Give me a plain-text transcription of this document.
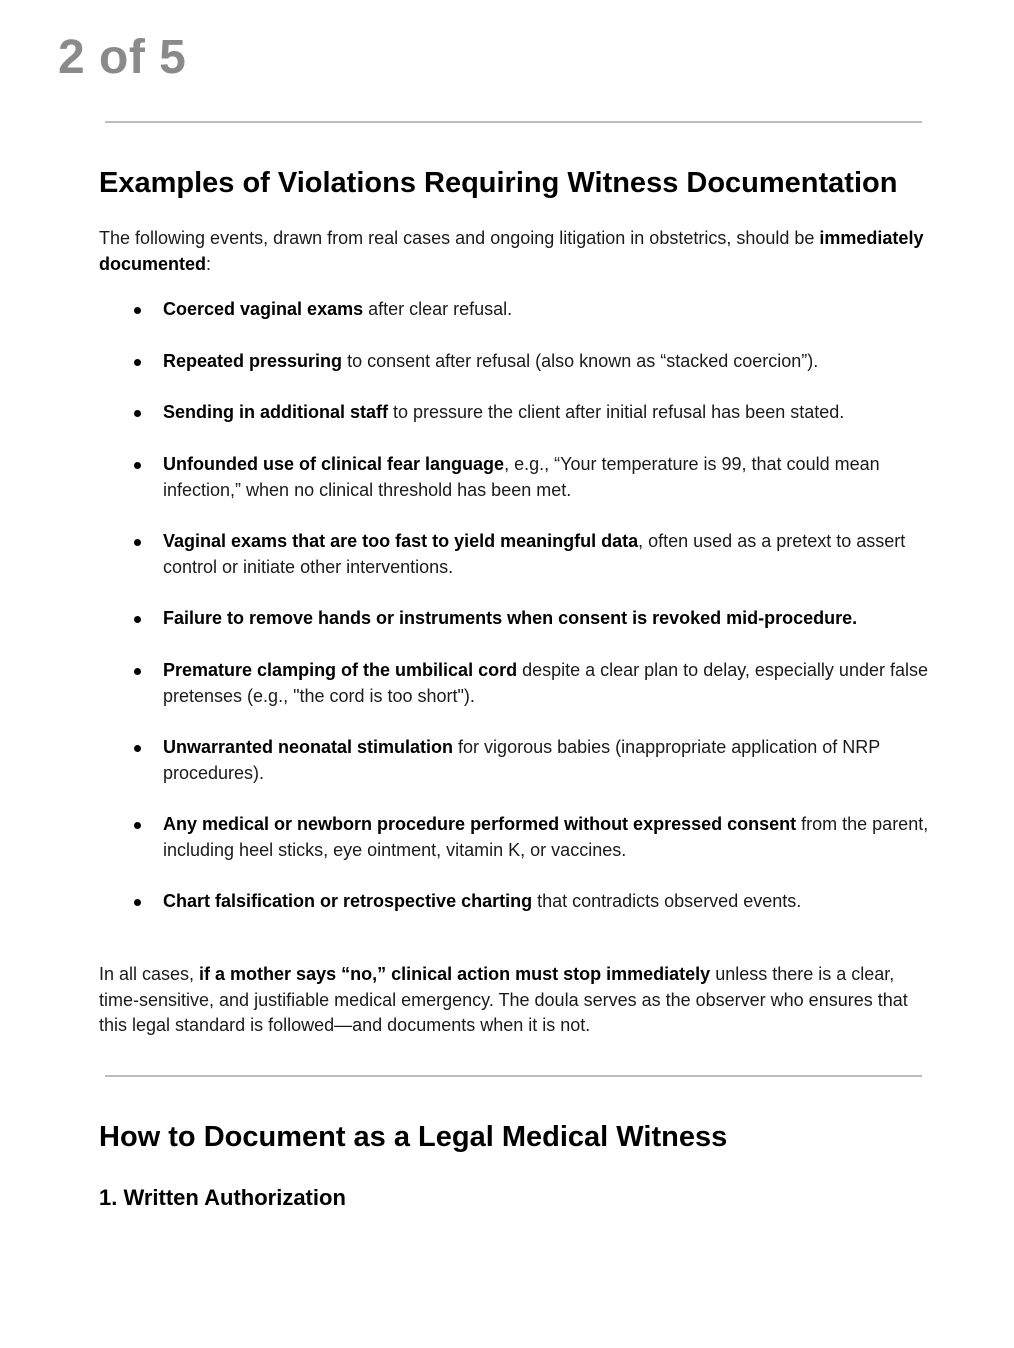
2 of 5
Examples of Violations Requiring Witness Documentation

The following events, drawn from real cases and ongoing litigation in obstetrics, should be immediately documented:

Coerced vaginal exams after clear refusal.
Repeated pressuring to consent after refusal (also known as “stacked coercion”).
Sending in additional staff to pressure the client after initial refusal has been stated.
Unfounded use of clinical fear language, e.g., “Your temperature is 99, that could mean infection,” when no clinical threshold has been met.
Vaginal exams that are too fast to yield meaningful data, often used as a pretext to assert control or initiate other interventions.
Failure to remove hands or instruments when consent is revoked mid-procedure.
Premature clamping of the umbilical cord despite a clear plan to delay, especially under false pretenses (e.g., "the cord is too short").
Unwarranted neonatal stimulation for vigorous babies (inappropriate application of NRP procedures).
Any medical or newborn procedure performed without expressed consent from the parent, including heel sticks, eye ointment, vitamin K, or vaccines.
Chart falsification or retrospective charting that contradicts observed events.

In all cases, if a mother says “no,” clinical action must stop immediately unless there is a clear, time-sensitive, and justifiable medical emergency. The doula serves as the observer who ensures that this legal standard is followed—and documents when it is not.

How to Document as a Legal Medical Witness
1. Written Authorization
